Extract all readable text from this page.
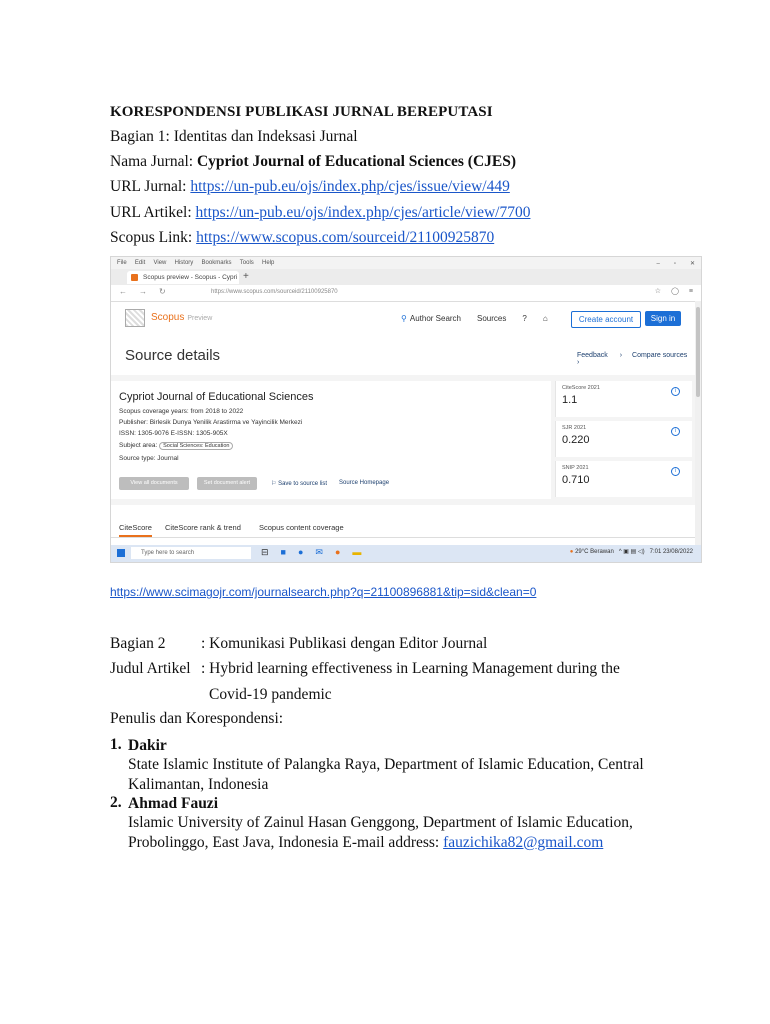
KORESPONDENSI PUBLIKASI JURNAL BEREPUTASI
Bagian 1: Identitas dan Indeksasi Jurnal
Nama Jurnal: Cypriot Journal of Educational Sciences (CJES)
URL Jurnal: https://un-pub.eu/ojs/index.php/cjes/issue/view/449
URL Artikel: https://un-pub.eu/ojs/index.php/cjes/article/view/7700
Scopus Link: https://www.scopus.com/sourceid/21100925870
File Edit View History Bookmarks Tools Help	– ▫ ✕
Scopus preview - Scopus - Cypri +
← → ↻	https://www.scopus.com/sourceid/21100925870	☆ ◯ ≡
Scopus Preview	⚲ Author Search Sources ? ⌂	Create account	Sign in
Source details	Feedback › Compare sources ›
Cypriot Journal of Educational Sciences
Scopus coverage years: from 2018 to 2022
Publisher: Birlesik Dunya Yenilik Arastirma ve Yayincilik Merkezi
ISSN: 1305-9076 E-ISSN: 1305-905X
Subject area: Social Sciences: Education
Source type: Journal
View all documents	Set document alert	⚐ Save to source list Source Homepage
CiteScore 2021
1.1
i
SJR 2021
0.220
i
SNIP 2021
0.710
i
CiteScore CiteScore rank & trend Scopus content coverage
Type here to search	⊟ ■ ● ✉ ● ▬	● 29°C Berawan   ^ ▣ ▤ ◁)   7:01 23/08/2022
https://www.scimagojr.com/journalsearch.php?q=21100896881&tip=sid&clean=0
Bagian 2 : Komunikasi Publikasi dengan Editor Journal
Judul Artikel : Hybrid learning effectiveness in Learning Management during the
Covid-19 pandemic
Penulis dan Korespondensi:
1. Dakir
State Islamic Institute of Palangka Raya, Department of Islamic Education, Central
Kalimantan, Indonesia
2. Ahmad Fauzi
Islamic University of Zainul Hasan Genggong, Department of Islamic Education,
Probolinggo, East Java, Indonesia E-mail address: fauzichika82@gmail.com
